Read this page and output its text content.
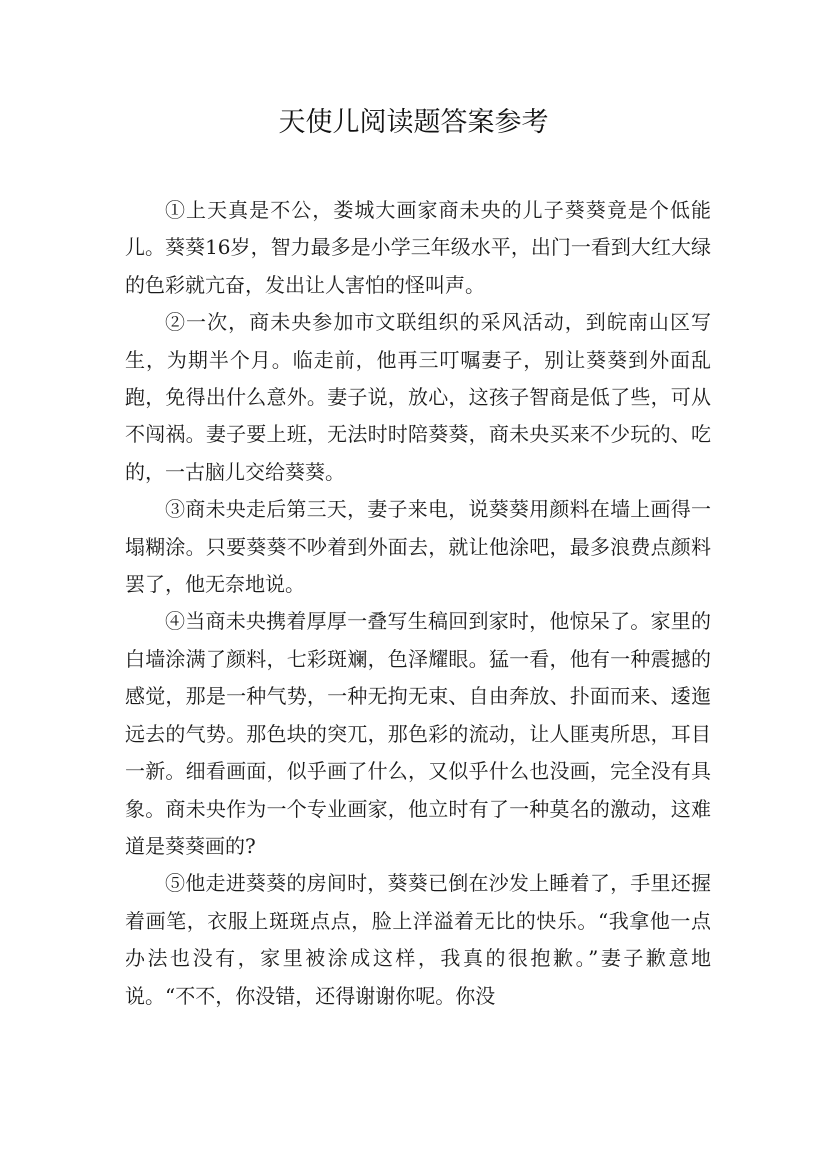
天使儿阅读题答案参考

①上天真是不公，娄城大画家商未央的儿子葵葵竟是个低能儿。葵葵16岁，智力最多是小学三年级水平，出门一看到大红大绿的色彩就亢奋，发出让人害怕的怪叫声。

②一次，商未央参加市文联组织的采风活动，到皖南山区写生，为期半个月。临走前，他再三叮嘱妻子，别让葵葵到外面乱跑，免得出什么意外。妻子说，放心，这孩子智商是低了些，可从不闯祸。妻子要上班，无法时时陪葵葵，商未央买来不少玩的、吃的，一古脑儿交给葵葵。

③商未央走后第三天，妻子来电，说葵葵用颜料在墙上画得一塌糊涂。只要葵葵不吵着到外面去，就让他涂吧，最多浪费点颜料罢了，他无奈地说。

④当商未央携着厚厚一叠写生稿回到家时，他惊呆了。家里的白墙涂满了颜料，七彩斑斓，色泽耀眼。猛一看，他有一种震撼的感觉，那是一种气势，一种无拘无束、自由奔放、扑面而来、逶迤远去的气势。那色块的突兀，那色彩的流动，让人匪夷所思，耳目一新。细看画面，似乎画了什么，又似乎什么也没画，完全没有具象。商未央作为一个专业画家，他立时有了一种莫名的激动，这难道是葵葵画的?

⑤他走进葵葵的房间时，葵葵已倒在沙发上睡着了，手里还握着画笔，衣服上斑斑点点，脸上洋溢着无比的快乐。“我拿他一点办法也没有，家里被涂成这样，我真的很抱歉。”妻子歉意地说。“不不，你没错，还得谢谢你呢。你没
